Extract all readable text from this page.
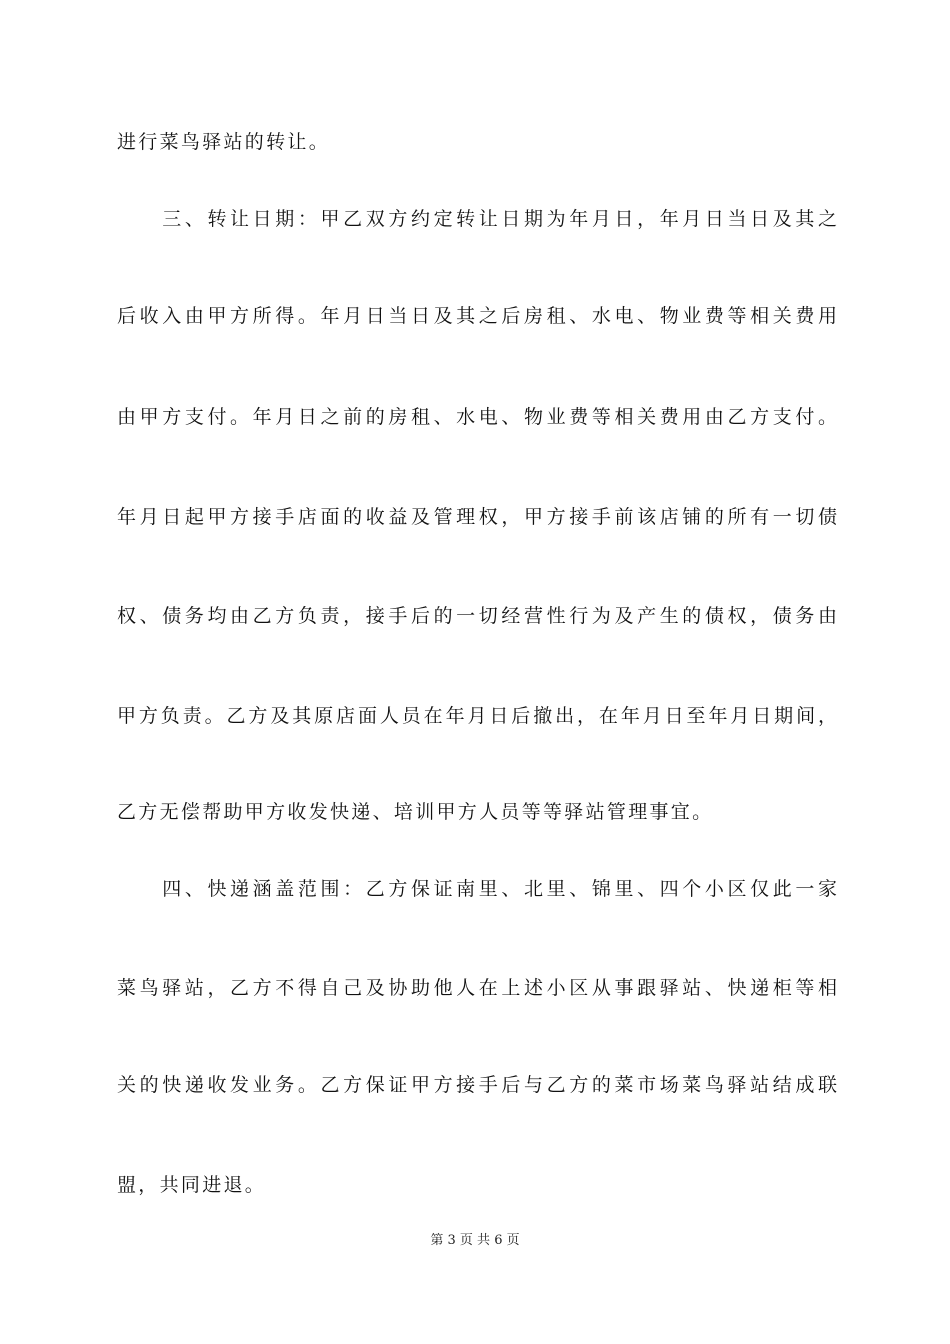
进行菜鸟驿站的转让。

　　三、转让日期：甲乙双方约定转让日期为年月日，年月日当日及其之

后收入由甲方所得。年月日当日及其之后房租、水电、物业费等相关费用

由甲方支付。年月日之前的房租、水电、物业费等相关费用由乙方支付。

年月日起甲方接手店面的收益及管理权，甲方接手前该店铺的所有一切债

权、债务均由乙方负责，接手后的一切经营性行为及产生的债权，债务由

甲方负责。乙方及其原店面人员在年月日后撤出，在年月日至年月日期间，

乙方无偿帮助甲方收发快递、培训甲方人员等等驿站管理事宜。

　　四、快递涵盖范围：乙方保证南里、北里、锦里、四个小区仅此一家

菜鸟驿站，乙方不得自己及协助他人在上述小区从事跟驿站、快递柜等相

关的快递收发业务。乙方保证甲方接手后与乙方的菜市场菜鸟驿站结成联

盟，共同进退。

第 3 页 共 6 页
